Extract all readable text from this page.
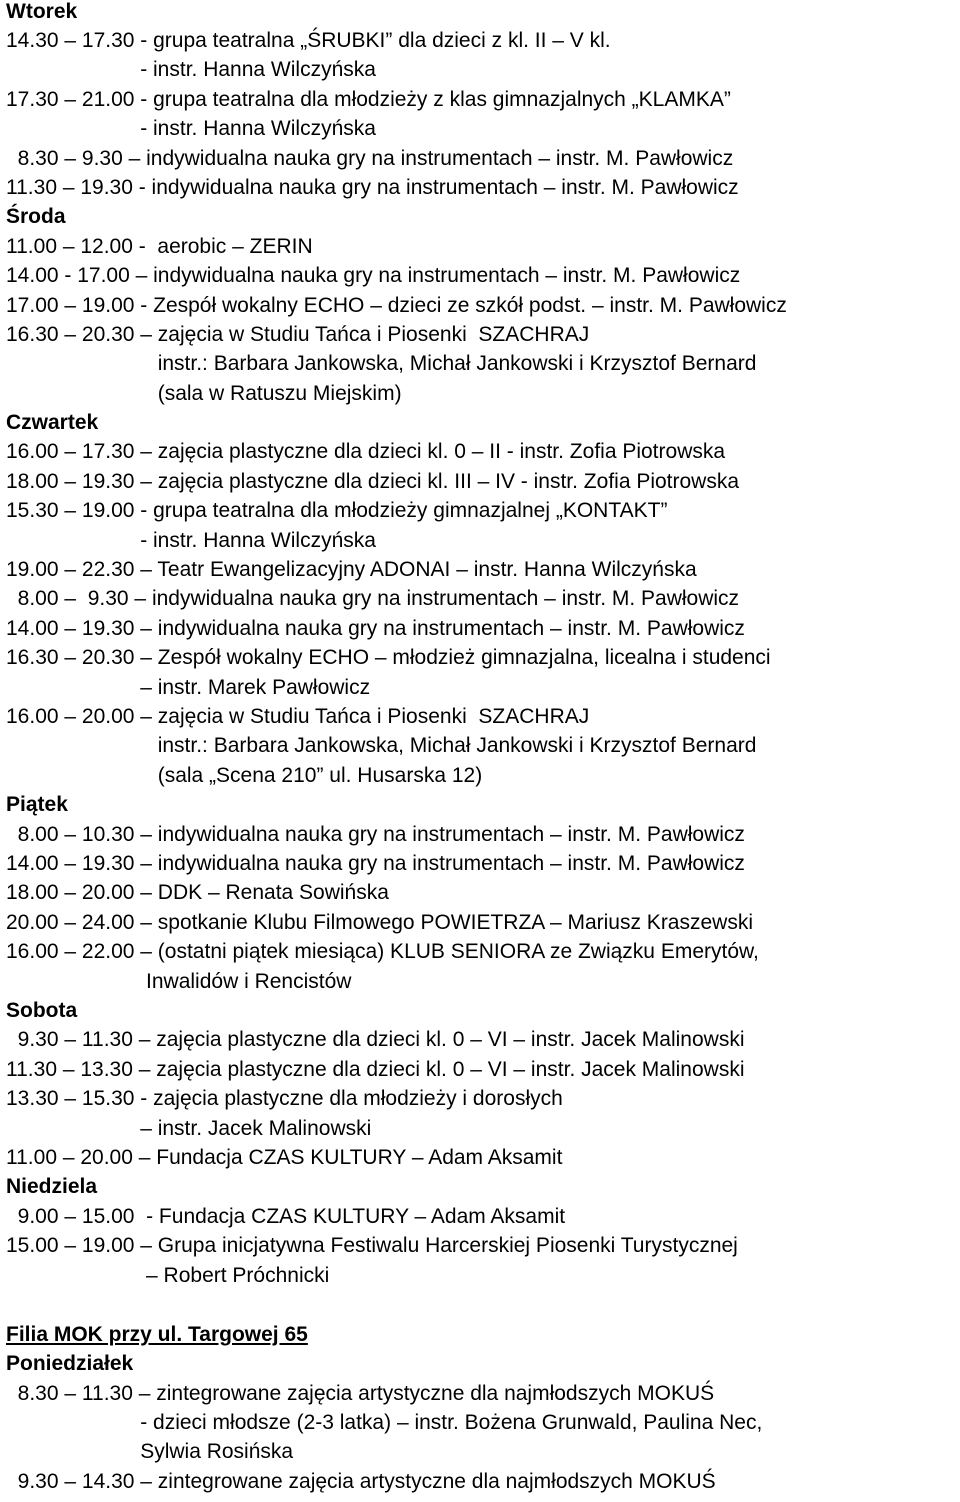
Wtorek
14.30 – 17.30 - grupa teatralna „ŚRUBKI” dla dzieci z kl. II – V kl.
- instr. Hanna Wilczyńska
17.30 – 21.00 - grupa teatralna dla młodzieży z klas gimnazjalnych „KLAMKA”
- instr. Hanna Wilczyńska
8.30 – 9.30 – indywidualna nauka gry na instrumentach – instr. M. Pawłowicz
11.30 – 19.30 - indywidualna nauka gry na instrumentach – instr. M. Pawłowicz
Środa
11.00 – 12.00 -  aerobic – ZERIN
14.00 - 17.00 – indywidualna nauka gry na instrumentach – instr. M. Pawłowicz
17.00 – 19.00 - Zespół wokalny ECHO – dzieci ze szkół podst. – instr. M. Pawłowicz
16.30 – 20.30 – zajęcia w Studiu Tańca i Piosenki  SZACHRAJ
instr.: Barbara Jankowska, Michał Jankowski i Krzysztof Bernard
(sala w Ratuszu Miejskim)
Czwartek
16.00 – 17.30 – zajęcia plastyczne dla dzieci kl. 0 – II - instr. Zofia Piotrowska
18.00 – 19.30 – zajęcia plastyczne dla dzieci kl. III – IV - instr. Zofia Piotrowska
15.30 – 19.00 - grupa teatralna dla młodzieży gimnazjalnej „KONTAKT”
- instr. Hanna Wilczyńska
19.00 – 22.30 – Teatr Ewangelizacyjny ADONAI – instr. Hanna Wilczyńska
8.00 –  9.30 – indywidualna nauka gry na instrumentach – instr. M. Pawłowicz
14.00 – 19.30 – indywidualna nauka gry na instrumentach – instr. M. Pawłowicz
16.30 – 20.30 – Zespół wokalny ECHO – młodzież gimnazjalna, licealna i studenci
– instr. Marek Pawłowicz
16.00 – 20.00 – zajęcia w Studiu Tańca i Piosenki  SZACHRAJ
instr.: Barbara Jankowska, Michał Jankowski i Krzysztof Bernard
(sala „Scena 210” ul. Husarska 12)
Piątek
8.00 – 10.30 – indywidualna nauka gry na instrumentach – instr. M. Pawłowicz
14.00 – 19.30 – indywidualna nauka gry na instrumentach – instr. M. Pawłowicz
18.00 – 20.00 – DDK – Renata Sowińska
20.00 – 24.00 – spotkanie Klubu Filmowego POWIETRZA – Mariusz Kraszewski
16.00 – 22.00 – (ostatni piątek miesiąca) KLUB SENIORA ze Związku Emerytów,
Inwalidów i Rencistów
Sobota
9.30 – 11.30 – zajęcia plastyczne dla dzieci kl. 0 – VI – instr. Jacek Malinowski
11.30 – 13.30 – zajęcia plastyczne dla dzieci kl. 0 – VI – instr. Jacek Malinowski
13.30 – 15.30 - zajęcia plastyczne dla młodzieży i dorosłych
– instr. Jacek Malinowski
11.00 – 20.00 – Fundacja CZAS KULTURY – Adam Aksamit
Niedziela
9.00 – 15.00  - Fundacja CZAS KULTURY – Adam Aksamit
15.00 – 19.00 – Grupa inicjatywna Festiwalu Harcerskiej Piosenki Turystycznej
– Robert Próchnicki
Filia MOK przy ul. Targowej 65
Poniedziałek
8.30 – 11.30 – zintegrowane zajęcia artystyczne dla najmłodszych MOKUŚ
- dzieci młodsze (2-3 latka) – instr. Bożena Grunwald, Paulina Nec,
Sylwia Rosińska
9.30 – 14.30 – zintegrowane zajęcia artystyczne dla najmłodszych MOKUŚ
